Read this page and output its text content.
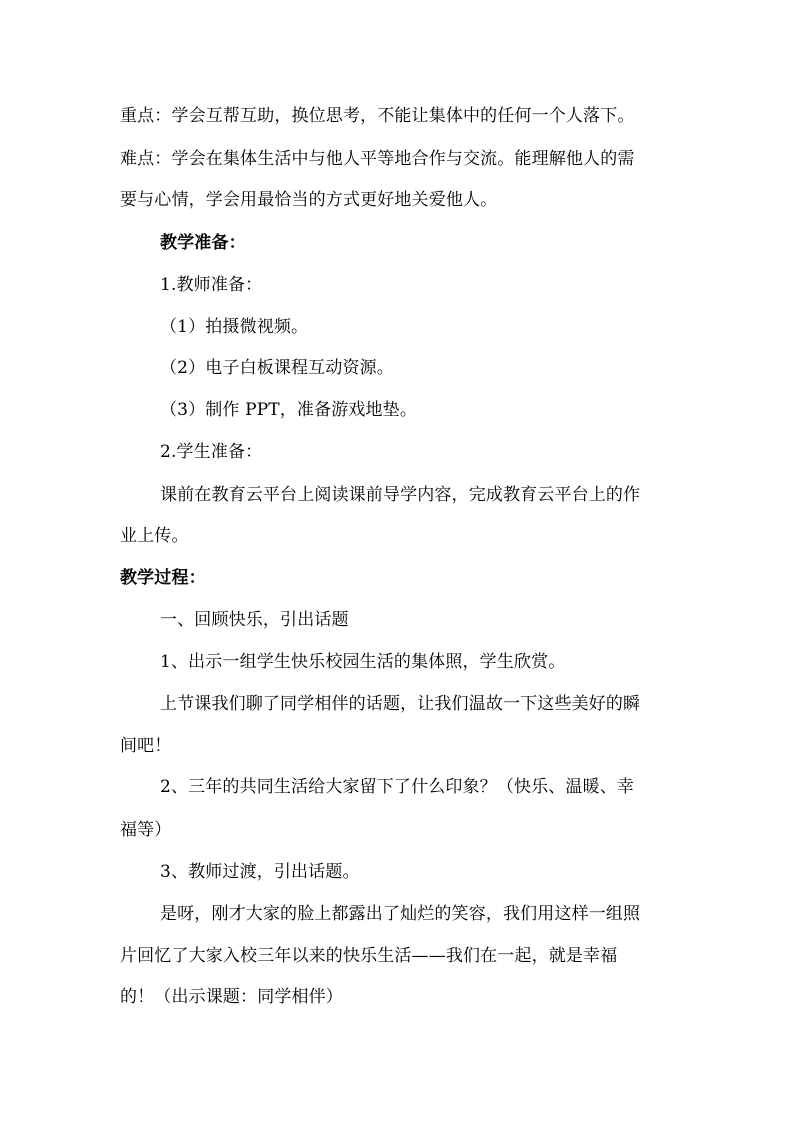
重点：学会互帮互助，换位思考，不能让集体中的任何一个人落下。
难点：学会在集体生活中与他人平等地合作与交流。能理解他人的需
要与心情，学会用最恰当的方式更好地关爱他人。
教学准备：
1.教师准备：
（1）拍摄微视频。
（2）电子白板课程互动资源。
（3）制作 PPT，准备游戏地垫。
2.学生准备：
课前在教育云平台上阅读课前导学内容，完成教育云平台上的作
业上传。
教学过程：
一、回顾快乐，引出话题
1、出示一组学生快乐校园生活的集体照，学生欣赏。
上节课我们聊了同学相伴的话题，让我们温故一下这些美好的瞬
间吧！
2、三年的共同生活给大家留下了什么印象？（快乐、温暖、幸
福等）
3、教师过渡，引出话题。
是呀，刚才大家的脸上都露出了灿烂的笑容，我们用这样一组照
片回忆了大家入校三年以来的快乐生活——我们在一起，就是幸福
的！（出示课题：同学相伴）
